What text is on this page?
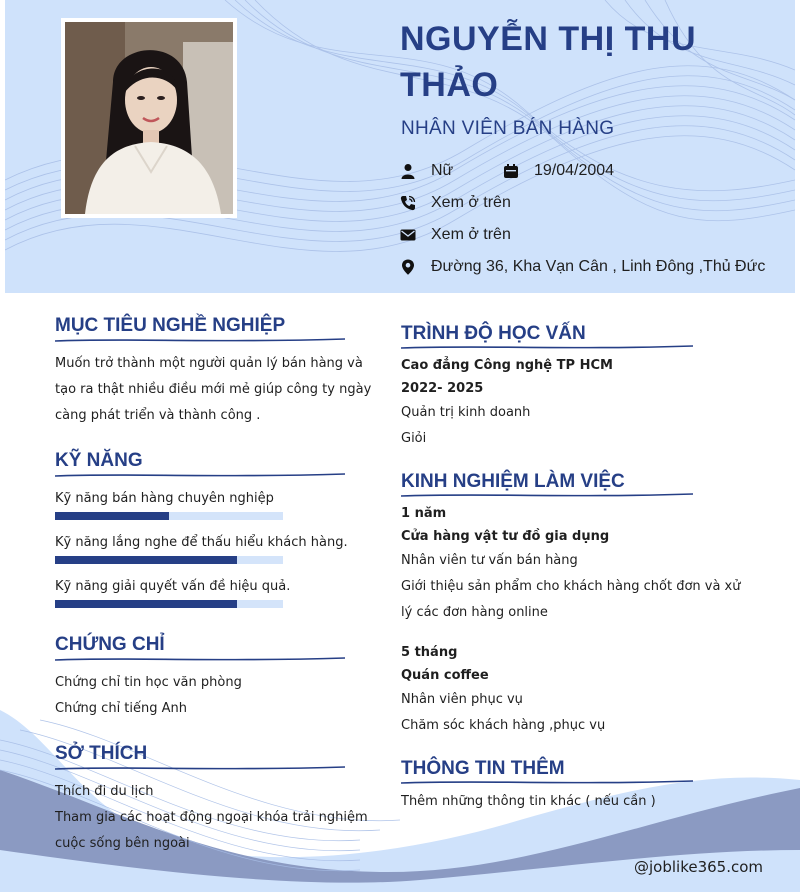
NGUYỄN THỊ THU THẢO
NHÂN VIÊN BÁN HÀNG
Nữ	19/04/2004
Xem ở trên
Xem ở trên
Đường 36, Kha Vạn Cân , Linh Đông ,Thủ Đức
MỤC TIÊU NGHỀ NGHIỆP
Muốn trở thành một người quản lý bán hàng và
tạo ra thật nhiều điều mới mẻ giúp công ty ngày
càng phát triển và thành công .
KỸ NĂNG
Kỹ năng bán hàng chuyên nghiệp
Kỹ năng lắng nghe để thấu hiểu khách hàng.
Kỹ năng giải quyết vấn đề hiệu quả.
CHỨNG CHỈ
Chứng chỉ tin học văn phòng
Chứng chỉ tiếng Anh
SỞ THÍCH
Thích đi du lịch
Tham gia các hoạt động ngoại khóa trải nghiệm
cuộc sống bên ngoài
TRÌNH ĐỘ HỌC VẤN
Cao đẳng Công nghệ TP HCM
2022- 2025
Quản trị kinh doanh
Giỏi
KINH NGHIỆM LÀM VIỆC
1 năm
Cửa hàng vật tư đồ gia dụng
Nhân viên tư vấn bán hàng
Giới thiệu sản phẩm cho khách hàng chốt đơn và xử
lý các đơn hàng online
5 tháng
Quán coffee
Nhân viên phục vụ
Chăm sóc khách hàng ,phục vụ
THÔNG TIN THÊM
Thêm những thông tin khác ( nếu cần )
@joblike365.com
